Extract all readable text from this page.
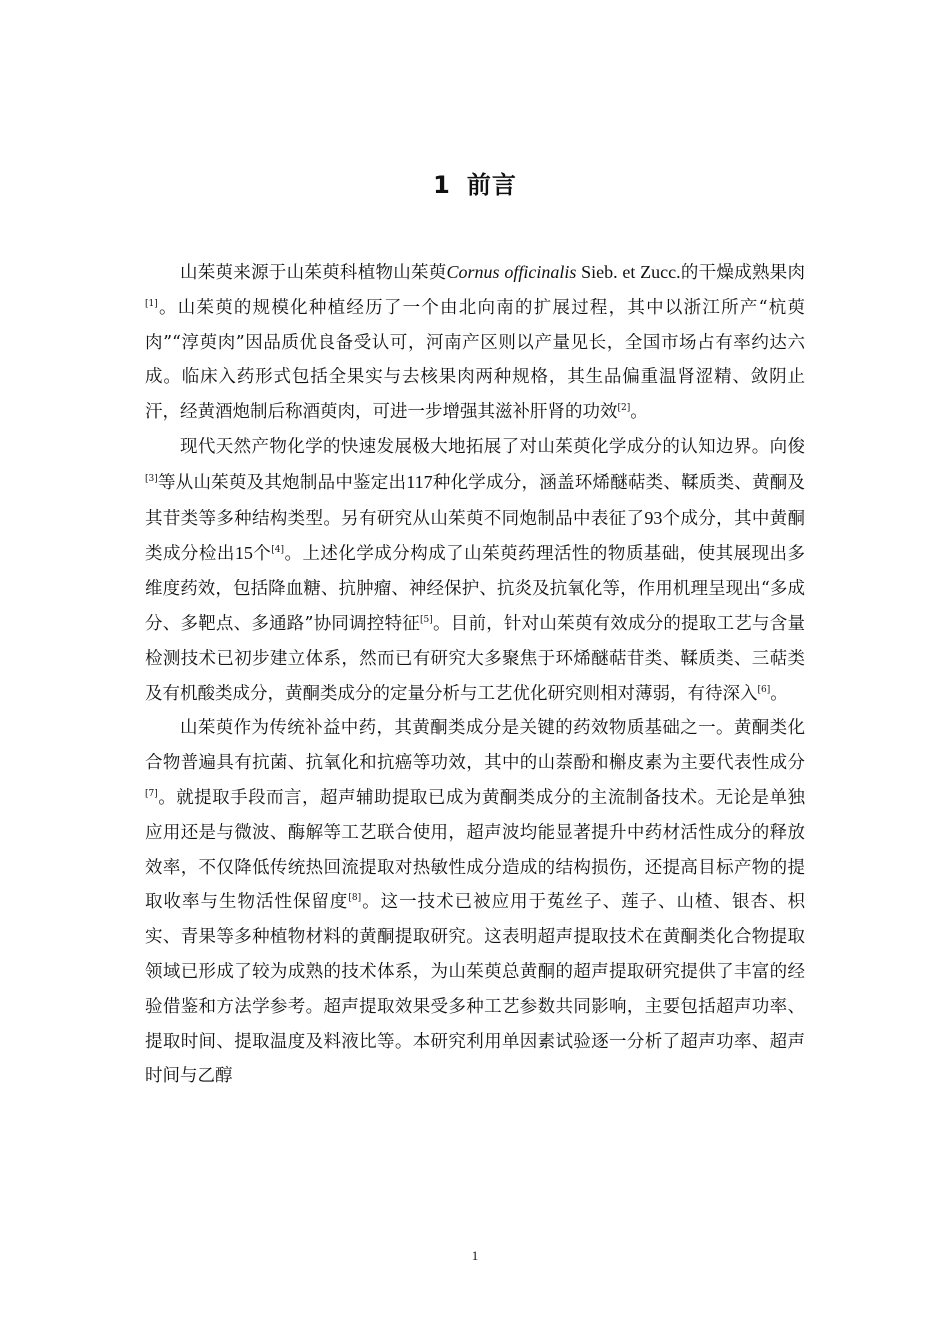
1 前言

山茱萸来源于山茱萸科植物山茱萸Cornus officinalis Sieb. et Zucc.的干燥成熟果肉[1]。山茱萸的规模化种植经历了一个由北向南的扩展过程，其中以浙江所产“杭萸肉”“淳萸肉”因品质优良备受认可，河南产区则以产量见长，全国市场占有率约达六成。临床入药形式包括全果实与去核果肉两种规格，其生品偏重温肾涩精、敛阴止汗，经黄酒炮制后称酒萸肉，可进一步增强其滋补肝肾的功效[2]。

现代天然产物化学的快速发展极大地拓展了对山茱萸化学成分的认知边界。向俊[3]等从山茱萸及其炮制品中鉴定出117种化学成分，涵盖环烯醚萜类、鞣质类、黄酮及其苷类等多种结构类型。另有研究从山茱萸不同炮制品中表征了93个成分，其中黄酮类成分检出15个[4]。上述化学成分构成了山茱萸药理活性的物质基础，使其展现出多维度药效，包括降血糖、抗肿瘤、神经保护、抗炎及抗氧化等，作用机理呈现出“多成分、多靶点、多通路”协同调控特征[5]。目前，针对山茱萸有效成分的提取工艺与含量检测技术已初步建立体系，然而已有研究大多聚焦于环烯醚萜苷类、鞣质类、三萜类及有机酸类成分，黄酮类成分的定量分析与工艺优化研究则相对薄弱，有待深入[6]。

山茱萸作为传统补益中药，其黄酮类成分是关键的药效物质基础之一。黄酮类化合物普遍具有抗菌、抗氧化和抗癌等功效，其中的山萘酚和槲皮素为主要代表性成分[7]。就提取手段而言，超声辅助提取已成为黄酮类成分的主流制备技术。无论是单独应用还是与微波、酶解等工艺联合使用，超声波均能显著提升中药材活性成分的释放效率，不仅降低传统热回流提取对热敏性成分造成的结构损伤，还提高目标产物的提取收率与生物活性保留度[8]。这一技术已被应用于菟丝子、莲子、山楂、银杏、枳实、青果等多种植物材料的黄酮提取研究。这表明超声提取技术在黄酮类化合物提取领域已形成了较为成熟的技术体系，为山茱萸总黄酮的超声提取研究提供了丰富的经验借鉴和方法学参考。超声提取效果受多种工艺参数共同影响，主要包括超声功率、提取时间、提取温度及料液比等。本研究利用单因素试验逐一分析了超声功率、超声时间与乙醇

1
